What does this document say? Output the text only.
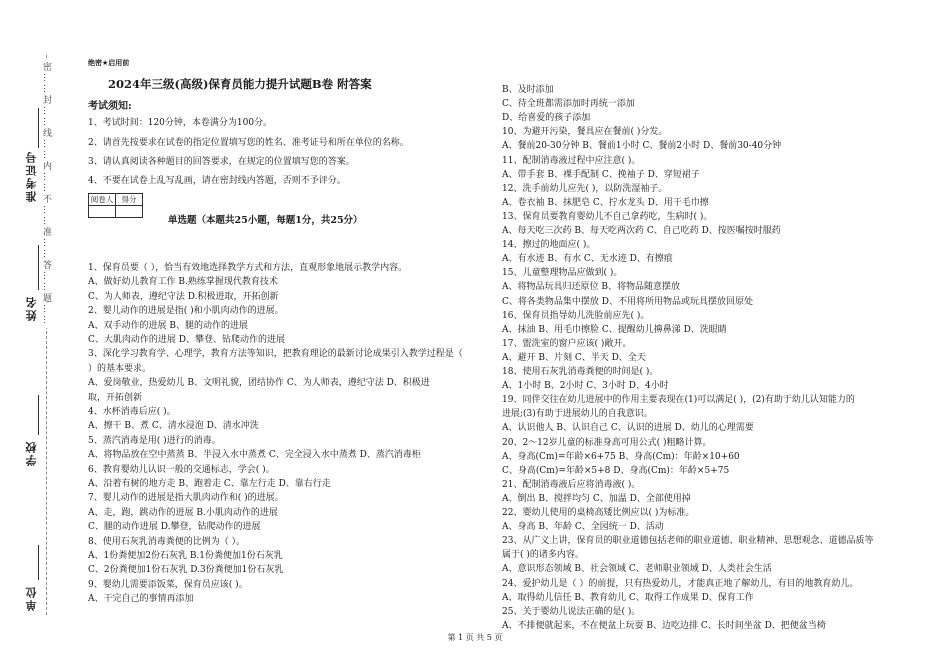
密……封……线……内……不……准……答……题……
准考证号
姓名
学校
单位
绝密★启用前
2024年三级(高级)保育员能力提升试题B卷 附答案
考试须知:
1、考试时间：120分钟，本卷满分为100分。
2、请首先按要求在试卷的指定位置填写您的姓名、准考证号和所在单位的名称。
3、请认真阅读各种题目的回答要求，在规定的位置填写您的答案。
4、不要在试卷上乱写乱画，请在密封线内答题，否则不予评分。
阅卷人	得分

单选题（本题共25小题，每题1分，共25分）
1、保育员要（ ），恰当有效地选择教学方式和方法，直观形象地展示教学内容。
A、做好幼儿教育工作 B.熟练掌握现代教育技术
C、为人师表，遵纪守法 D.积极进取，开拓创新
2、婴儿动作的进展是指( )和小肌肉动作的进展。
A、双手动作的进展 B、腿的动作的进展
C、大肌肉动作的进展 D、攀登、钻爬动作的进展
3、深化学习教育学、心理学，教育方法等知识，把教育理论的最新讨论成果引入教学过程是（
）的基本要求。
A、爱岗敬业，热爱幼儿 B、文明礼貌，团结协作 C、为人师表，遵纪守法 D、积极进
取，开拓创新
4、水杯消毒后应( )。
A、擦干 B、煮 C、清水浸泡 D、清水冲洗
5、蒸汽消毒是用( )进行的消毒。
A、将物品放在空中蒸蒸 B、半浸入水中蒸煮 C、完全浸入水中蒸煮 D、蒸汽消毒柜
6、教育婴幼儿认识一般的交通标志，学会( )。
A、沿着有树的地方走 B、跑着走 C、靠左行走 D、靠右行走
7、婴儿动作的进展是指大肌肉动作和( )的进展。
A、走，跑，跳动作的进展 B.小肌肉动作的进展
C、腿的动作进展 D.攀登，钻爬动作的进展
8、使用石灰乳消毒粪便的比例为（ ）。
A、1份粪便加2份石灰乳 B.1份粪便加1份石灰乳
C、2份粪便加1份石灰乳 D.3份粪便加1份石灰乳
9、婴幼儿需要添饭菜，保育员应该( )。
A、干完自己的事情再添加
B、及时添加
C、待全班都需添加时再统一添加
D、给喜爱的孩子添加
10、为避开污染，餐具应在餐前( )分发。
A、餐前20-30分钟 B、餐前1小时 C、餐前2小时 D、餐前30-40分钟
11、配制消毒液过程中应注意( )。
A、带手套 B、裸手配制 C、挽袖子 D、穿短裙子
12、洗手前幼儿应先( )，以防洗湿袖子。
A、卷衣袖 B、抹肥皂 C、拧水龙头 D、用干毛巾擦
13、保育员要教育婴幼儿不自己拿药吃，生病时( )。
A、每天吃三次药 B、每天吃两次药 C、自己吃药 D、按医嘱按时服药
14、擦过的地面应( )。
A、有水迹 B、有水 C、无水迹 D、有擦痕
15、儿童整理物品应做到( )。
A、将物品玩具归还原位 B、将物品随意摆放
C、将各类物品集中摆放 D、不用将所用物品或玩具摆放回原处
16、保育员指导幼儿洗脸前应先( )。
A、抹油 B、用毛巾擦脸 C、提醒幼儿擤鼻涕 D、洗眼睛
17、盥洗室的窗户应该( )敞开。
A、避开 B、片刻 C、半天 D、全天
18、使用石灰乳消毒粪便的时间是( )。
A、1小时 B、2小时 C、3小时 D、4小时
19、同伴交往在幼儿进展中的作用主要表现在(1)可以满足( )，(2)有助于幼儿认知能力的
进展;(3)有助于进展幼儿的自我意识。
A、认识他人 B、认识自己 C、认识的进展 D、幼儿的心理需要
20、2～12岁儿童的标准身高可用公式( )粗略计算。
A、身高(Cm)=年龄×6+75 B、身高(Cm)：年龄×10+60
C、身高(Cm)=年龄×5+8 D、身高(Cm)：年龄×5+75
21、配制消毒液后应将消毒液( )。
A、倒出 B、搅拌均匀 C、加温 D、全部使用掉
22、婴幼儿使用的桌椅高矮比例应以( )为标准。
A、身高 B、年龄 C、全园统一 D、活动
23、从广义上讲，保育员的职业道德包括老师的职业道德、职业精神、思想观念、道德品质等
属于( )的诸多内容。
A、意识形态领域 B、社会领域 C、老师职业领域 D、人类社会生活
24、爱护幼儿是（ ）的前提，只有热爱幼儿，才能真正地了解幼儿，有目的地教育幼儿。
A、取得幼儿信任 B、教育幼儿 C、取得工作成果 D、保育工作
25、关于婴幼儿说法正确的是( )。
A、不排便就起来，不在便盆上玩耍 B、边吃边排 C、长时间坐盆 D、把便盆当椅
第 1 页 共 5 页
